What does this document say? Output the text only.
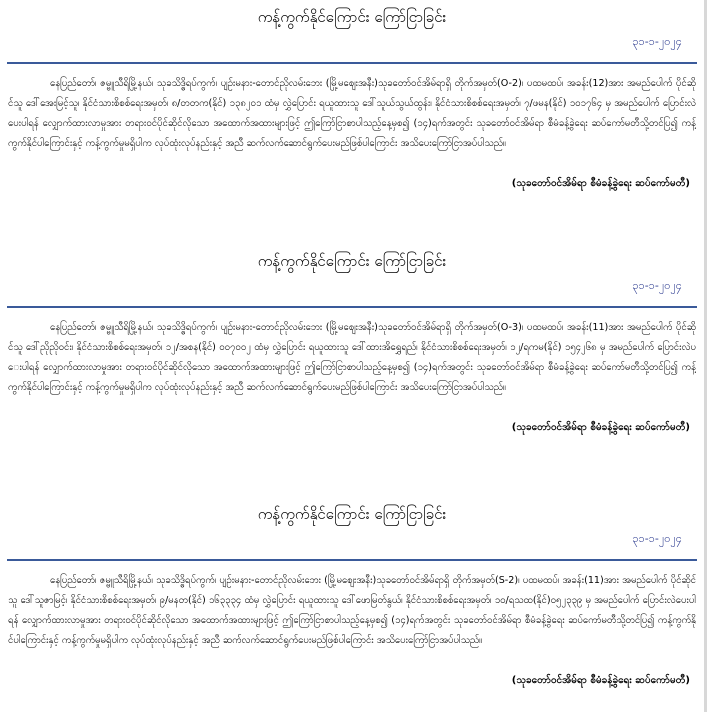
ကန့်ကွက်နိုင်ကြောင်း ကြော်ငြာခြင်း
၃၁-၁-၂၀၂၄
နေပြည်တော်၊ ဇမ္ဗူသီရိမြို့နယ်၊ သုခသိဒ္ဓိရပ်ကွက်၊ ပျဉ်းမနား-တောင်ညိုလမ်းဘေး (မြို့မဈေးအနီး)သုခတော်ဝင်အိမ်ရာရှိ တိုက်အမှတ်(O-2)၊ ပထမထပ်၊ အခန်း(12)အား အမည်ပေါက် ပိုင်ဆိုင်သူ ဒေါ်အေးမြင့်သူ၊ နိုင်ငံသားစိစစ်ရေးအမှတ်၊ ၈/တတက(နိုင်) ၁၃၈၂၀၁ ထံမှ လွှဲပြောင်း ရယူထားသူ ဒေါ်သူယ်သွယ်ထွန်း၊ နိုင်ငံသားစိစစ်ရေးအမှတ်၊ ၇/ဖမန(နိုင်) ၁၀၁၇၆၄ မှ အမည်ပေါက် ပြောင်းလဲပေးပါရန် လျှောက်ထားလာမှုအား တရားဝင်ပိုင်ဆိုင်လိုသော အထောက်အထားများဖြင့် ဤကြော်ငြာစာပါသည့်နေ့မှစ၍ (၁၄)ရက်အတွင်း သုခတော်ဝင်အိမ်ရာ စီမံခန့်ခွဲရေး ဆပ်ကော်မတီသို့တင်ပြ၍ ကန့်ကွက်နိုင်ပါကြောင်းနှင့် ကန့်ကွက်မှုမရှိပါက လုပ်ထုံးလုပ်နည်းနှင့် အညီ ဆက်လက်ဆောင်ရွက်ပေးမည်ဖြစ်ပါကြောင်း အသိပေးကြော်ငြာအပ်ပါသည်။
(သုခတော်ဝင်အိမ်ရာ စီမံခန့်ခွဲရေး ဆပ်ကော်မတီ)
ကန့်ကွက်နိုင်ကြောင်း ကြော်ငြာခြင်း
၃၁-၁-၂၀၂၄
နေပြည်တော်၊ ဇမ္ဗူသီရိမြို့နယ်၊ သုခသိဒ္ဓိရပ်ကွက်၊ ပျဉ်းမနား-တောင်ညိုလမ်းဘေး (မြို့မဈေးအနီး)သုခတော်ဝင်အိမ်ရာရှိ တိုက်အမှတ်(O-3)၊ ပထမထပ်၊ အခန်း(11)အား အမည်ပေါက် ပိုင်ဆိုင်သူ ဒေါ်ညိုညိုဝင်း၊ နိုင်ငံသားစိစစ်ရေးအမှတ်၊ ၁၂/အစန(နိုင်) ၀၀၇၀၀၂ ထံမှ လွှဲပြောင်း ရယူထားသူ ဒေါ်ထားအိရွှေရည်၊ နိုင်ငံသားစိစစ်ရေးအမှတ်၊ ၁၂/ရကမ(နိုင်) ၁၅၄၂၆၈ မှ အမည်ပေါက် ပြောင်းလဲပေးပါရန် လျှောက်ထားလာမှုအား တရားဝင်ပိုင်ဆိုင်လိုသော အထောက်အထားများဖြင့် ဤကြော်ငြာစာပါသည့်နေ့မှစ၍ (၁၄)ရက်အတွင်း သုခတော်ဝင်အိမ်ရာ စီမံခန့်ခွဲရေး ဆပ်ကော်မတီသို့တင်ပြ၍ ကန့်ကွက်နိုင်ပါကြောင်းနှင့် ကန့်ကွက်မှုမရှိပါက လုပ်ထုံးလုပ်နည်းနှင့် အညီ ဆက်လက်ဆောင်ရွက်ပေးမည်ဖြစ်ပါကြောင်း အသိပေးကြော်ငြာအပ်ပါသည်။
(သုခတော်ဝင်အိမ်ရာ စီမံခန့်ခွဲရေး ဆပ်ကော်မတီ)
ကန့်ကွက်နိုင်ကြောင်း ကြော်ငြာခြင်း
၃၁-၁-၂၀၂၄
နေပြည်တော်၊ ဇမ္ဗူသီရိမြို့နယ်၊ သုခသိဒ္ဓိရပ်ကွက်၊ ပျဉ်းမနား-တောင်ညိုလမ်းဘေး (မြို့မဈေးအနီး)သုခတော်ဝင်အိမ်ရာရှိ တိုက်အမှတ်(S-2)၊ ပထမထပ်၊ အခန်း(11)အား အမည်ပေါက် ပိုင်ဆိုင်သူ ဒေါ်သူဇာမြင့်၊ နိုင်ငံသားစိစစ်ရေးအမှတ်၊ ၉/မနတ(နိုင်) ၁၆၃၃၃၄ ထံမှ လွှဲပြောင်း ရယူထားသူ ဒေါ်ဖောမြတ်နွယ်၊ နိုင်ငံသားစိစစ်ရေးအမှတ်၊ ၁၀/ရသထ(နိုင်)၀၅၂၃၃၉ မှ အမည်ပေါက် ပြောင်းလဲပေးပါရန် လျှောက်ထားလာမှုအား တရားဝင်ပိုင်ဆိုင်လိုသော အထောက်အထားများဖြင့် ဤကြော်ငြာစာပါသည့်နေ့မှစ၍ (၁၄)ရက်အတွင်း သုခတော်ဝင်အိမ်ရာ စီမံခန့်ခွဲရေး ဆပ်ကော်မတီသို့တင်ပြ၍ ကန့်ကွက်နိုင်ပါကြောင်းနှင့် ကန့်ကွက်မှုမရှိပါက လုပ်ထုံးလုပ်နည်းနှင့် အညီ ဆက်လက်ဆောင်ရွက်ပေးမည်ဖြစ်ပါကြောင်း အသိပေးကြော်ငြာအပ်ပါသည်။
(သုခတော်ဝင်အိမ်ရာ စီမံခန့်ခွဲရေး ဆပ်ကော်မတီ)
